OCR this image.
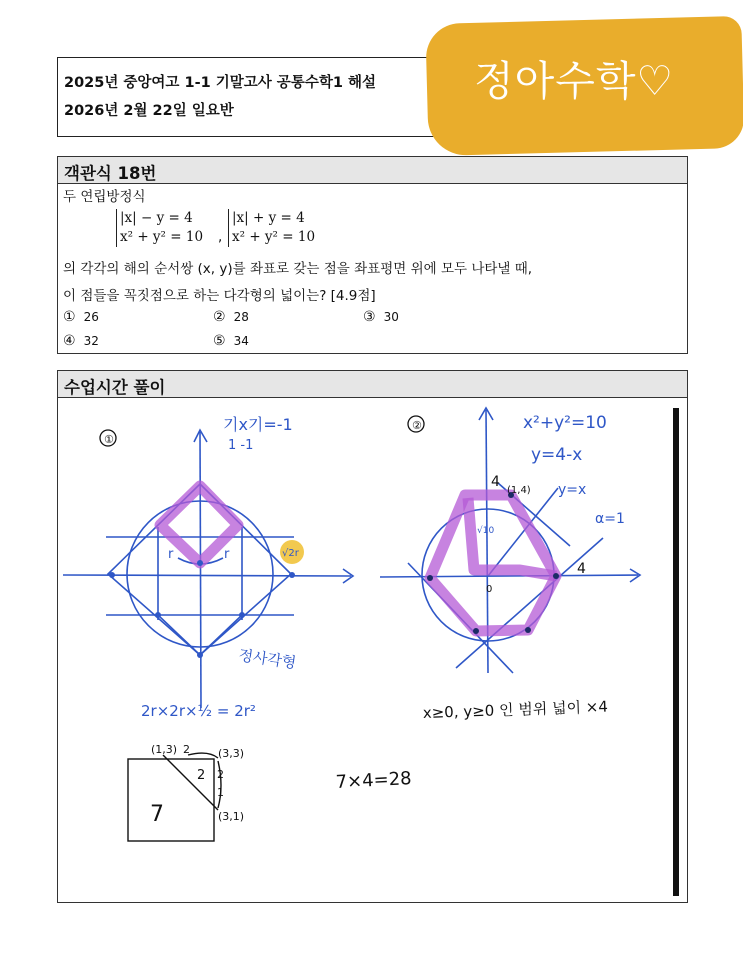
2025년 중앙여고 1-1 기말고사 공통수학1 해설
2026년 2월 22일 일요반
정아수학♡
객관식 18번
두 연립방정식
|x| − y = 4
x² + y² = 10 ,
|x| + y = 4
x² + y² = 10
의 각각의 해의 순서쌍 (x, y)를 좌표로 갖는 점을 좌표평면 위에 모두 나타낼 때,
이 점들을 꼭짓점으로 하는 다각형의 넓이는? [4.9점]
① 26	② 28	③ 30
④ 32	⑤ 34
수업시간 풀이
①
기x기=-1
1 -1
r	r	√2r
정사각형
2r×2r×½ = 2r²
②	x²+y²=10
y=4-x
4
(1,4) y=x
α=1
4
0
√10
x≥0, y≥0 인 범위 넓이 ×4
(1,3) 2	(3,3)
2 2
1
(3,1)
7
7×4=28
